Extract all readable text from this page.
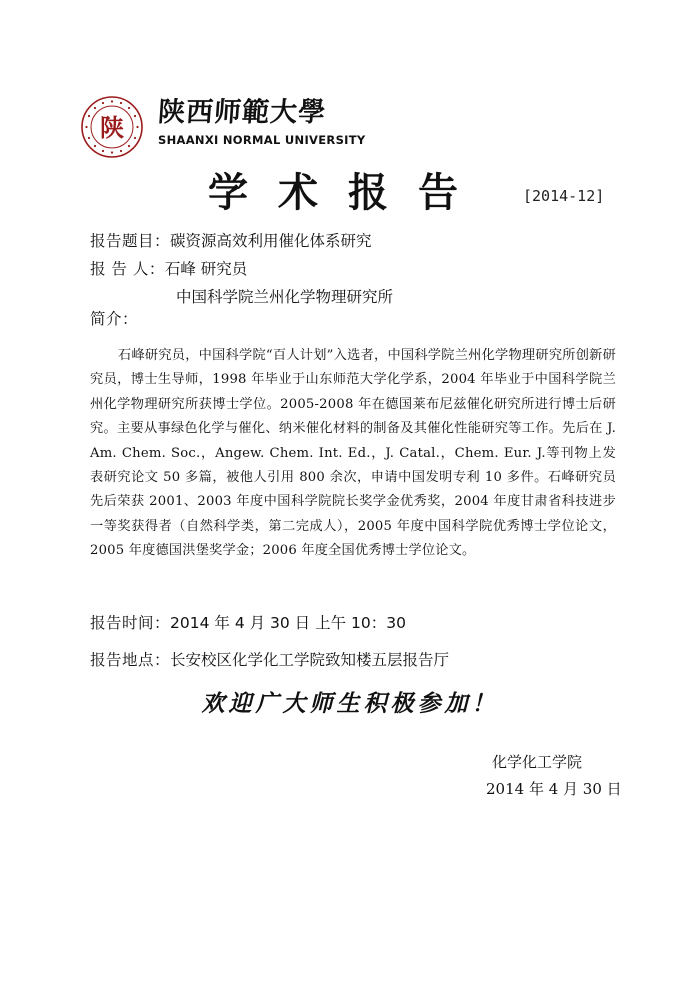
陕 陕西师範大學
SHAANXI NORMAL UNIVERSITY
学术报告 [2014-12]
报告题目：碳资源高效利用催化体系研究
报 告 人：石峰 研究员
中国科学院兰州化学物理研究所
简介：
石峰研究员，中国科学院“百人计划”入选者，中国科学院兰州化学物理研究所创新研究员，博士生导师，1998 年毕业于山东师范大学化学系，2004 年毕业于中国科学院兰州化学物理研究所获博士学位。2005-2008 年在德国莱布尼兹催化研究所进行博士后研究。主要从事绿色化学与催化、纳米催化材料的制备及其催化性能研究等工作。先后在 J. Am. Chem. Soc.，Angew. Chem. Int. Ed.，J. Catal.，Chem. Eur. J.等刊物上发表研究论文 50 多篇，被他人引用 800 余次，申请中国发明专利 10 多件。石峰研究员先后荣获 2001、2003 年度中国科学院院长奖学金优秀奖，2004 年度甘肃省科技进步一等奖获得者（自然科学类，第二完成人），2005 年度中国科学院优秀博士学位论文，2005 年度德国洪堡奖学金；2006 年度全国优秀博士学位论文。
报告时间：2014 年 4 月 30 日 上午 10：30
报告地点：长安校区化学化工学院致知楼五层报告厅
欢迎广大师生积极参加！
化学化工学院
2014 年 4 月 30 日
